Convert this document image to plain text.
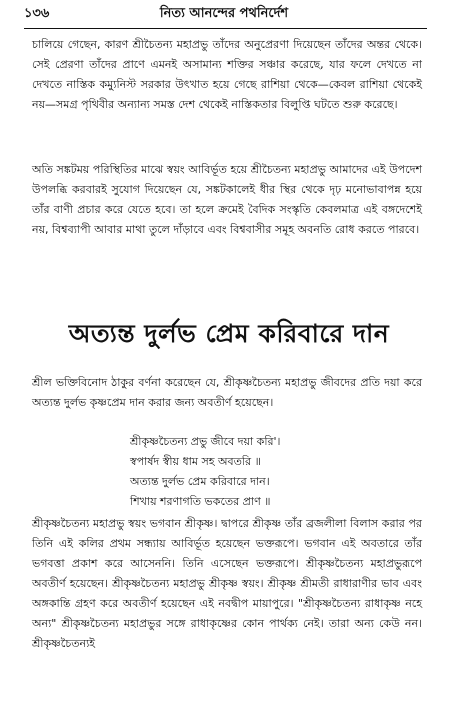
১৩৬	নিত্য আনন্দের পথনির্দেশ

চালিয়ে গেছেন, কারণ শ্রীচৈতন্য মহাপ্রভু তাঁদের অনুপ্রেরণা দিয়েছেন তাঁদের অন্তর থেকে। সেই প্রেরণা তাঁদের প্রাণে এমনই অসামান্য শক্তির সঞ্চার করেছে, যার ফলে দেখতে না দেখতে নাস্তিক কম্যুনিস্ট সরকার উৎখাত হয়ে গেছে রাশিয়া থেকে—কেবল রাশিয়া থেকেই নয়—সমগ্র পৃথিবীর অন্যান্য সমস্ত দেশ থেকেই নাস্তিকতার বিলুপ্তি ঘটতে শুরু করেছে।

অতি সঙ্কটময় পরিস্থিতির মাঝে স্বয়ং আবির্ভূত হয়ে শ্রীচৈতন্য মহাপ্রভু আমাদের এই উপদেশ উপলব্ধি করবারই সুযোগ দিয়েছেন যে, সঙ্কটকালেই ধীর স্থির থেকে দৃঢ় মনোভাবাপন্ন হয়ে তাঁর বাণী প্রচার করে যেতে হবে। তা হলে ক্রমেই বৈদিক সংস্কৃতি কেবলমাত্র এই বঙ্গদেশেই নয়, বিশ্বব্যাপী আবার মাথা তুলে দাঁড়াবে এবং বিশ্ববাসীর সমূহ অবনতি রোধ করতে পারবে।

অত্যন্ত দুর্লভ প্রেম করিবারে দান

শ্রীল ভক্তিবিনোদ ঠাকুর বর্ণনা করেছেন যে, শ্রীকৃষ্ণচৈতন্য মহাপ্রভু জীবদের প্রতি দয়া করে অত্যন্ত দুর্লভ কৃষ্ণপ্রেম দান করার জন্য অবতীর্ণ হয়েছেন।

শ্রীকৃষ্ণচৈতন্য প্রভু জীবে দয়া করি'।
স্বপার্ষদ স্বীয় ধাম সহ অবতরি ॥
অত্যন্ত দুর্লভ প্রেম করিবারে দান।
শিখায় শরণাগতি ভকতের প্রাণ ॥

শ্রীকৃষ্ণচৈতন্য মহাপ্রভু স্বয়ং ভগবান শ্রীকৃষ্ণ। দ্বাপরে শ্রীকৃষ্ণ তাঁর ব্রজলীলা বিলাস করার পর তিনি এই কলির প্রথম সন্ধ্যায় আবির্ভূত হয়েছেন ভক্তরূপে। ভগবান এই অবতারে তাঁর ভগবত্তা প্রকাশ করে আসেননি। তিনি এসেছেন ভক্তরূপে। শ্রীকৃষ্ণচৈতন্য মহাপ্রভুরূপে অবতীর্ণ হয়েছেন। শ্রীকৃষ্ণচৈতন্য মহাপ্রভু শ্রীকৃষ্ণ স্বয়ং। শ্রীকৃষ্ণ শ্রীমতী রাধারাণীর ভাব এবং অঙ্গকান্তি গ্রহণ করে অবতীর্ণ হয়েছেন এই নবদ্বীপ মায়াপুরে। "শ্রীকৃষ্ণচৈতন্য রাধাকৃষ্ণ নহে অন্য" শ্রীকৃষ্ণচৈতন্য মহাপ্রভুর সঙ্গে রাধাকৃষ্ণের কোন পার্থক্য নেই। তারা অন্য কেউ নন। শ্রীকৃষ্ণচৈতন্যই
